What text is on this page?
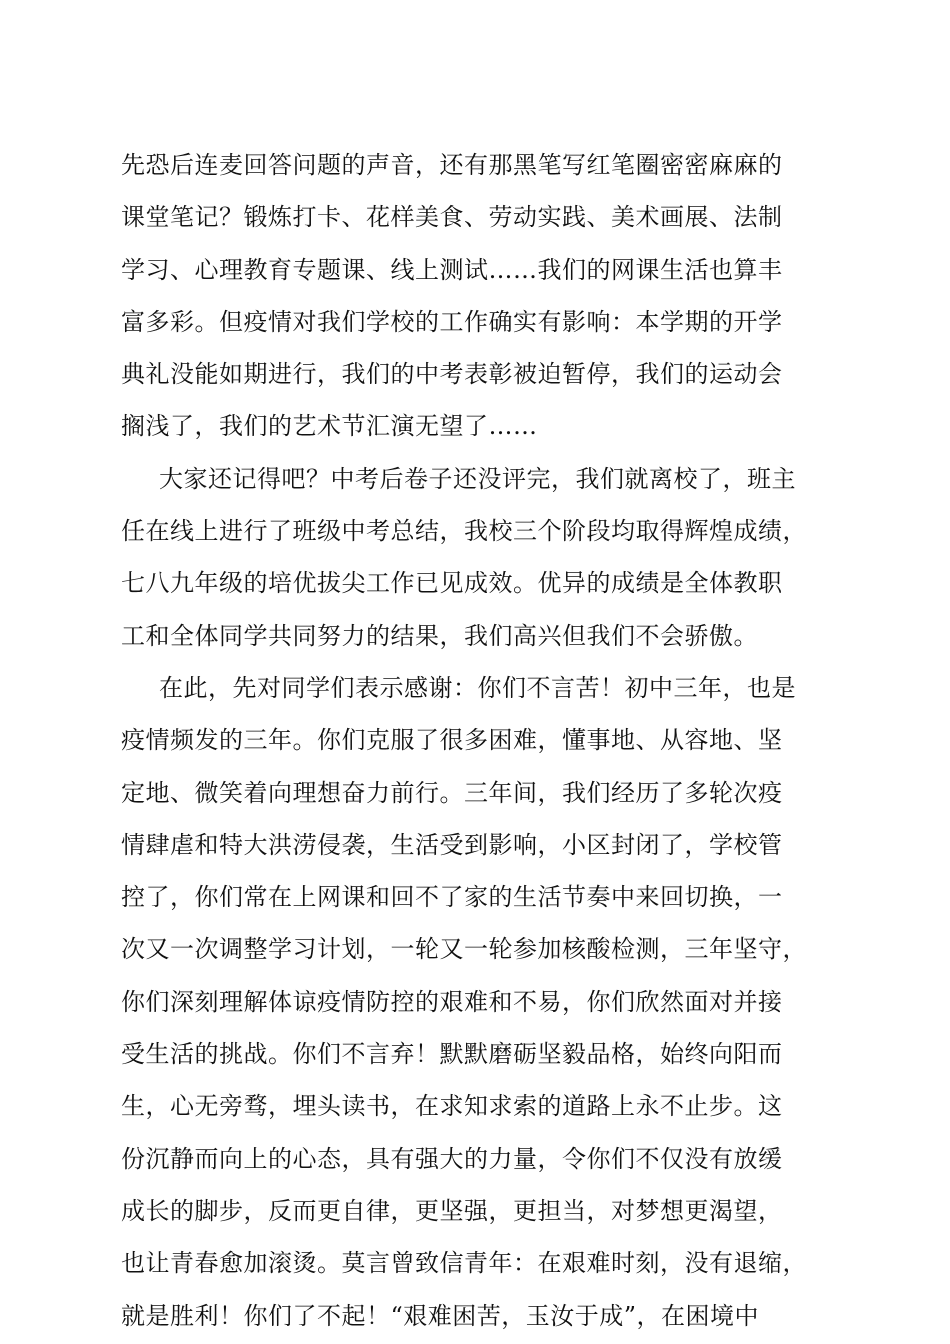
先恐后连麦回答问题的声音，还有那黑笔写红笔圈密密麻麻的
课堂笔记？锻炼打卡、花样美食、劳动实践、美术画展、法制
学习、心理教育专题课、线上测试……我们的网课生活也算丰
富多彩。但疫情对我们学校的工作确实有影响：本学期的开学
典礼没能如期进行，我们的中考表彰被迫暂停，我们的运动会
搁浅了，我们的艺术节汇演无望了……
大家还记得吧？中考后卷子还没评完，我们就离校了，班主
任在线上进行了班级中考总结，我校三个阶段均取得辉煌成绩，
七八九年级的培优拔尖工作已见成效。优异的成绩是全体教职
工和全体同学共同努力的结果，我们高兴但我们不会骄傲。
在此，先对同学们表示感谢：你们不言苦！初中三年，也是
疫情频发的三年。你们克服了很多困难，懂事地、从容地、坚
定地、微笑着向理想奋力前行。三年间，我们经历了多轮次疫
情肆虐和特大洪涝侵袭，生活受到影响，小区封闭了，学校管
控了，你们常在上网课和回不了家的生活节奏中来回切换，一
次又一次调整学习计划，一轮又一轮参加核酸检测，三年坚守，
你们深刻理解体谅疫情防控的艰难和不易，你们欣然面对并接
受生活的挑战。你们不言弃！默默磨砺坚毅品格，始终向阳而
生，心无旁骛，埋头读书，在求知求索的道路上永不止步。这
份沉静而向上的心态，具有强大的力量，令你们不仅没有放缓
成长的脚步，反而更自律，更坚强，更担当，对梦想更渴望，
也让青春愈加滚烫。莫言曾致信青年：在艰难时刻，没有退缩，
就是胜利！你们了不起！“艰难困苦，玉汝于成”，在困境中
